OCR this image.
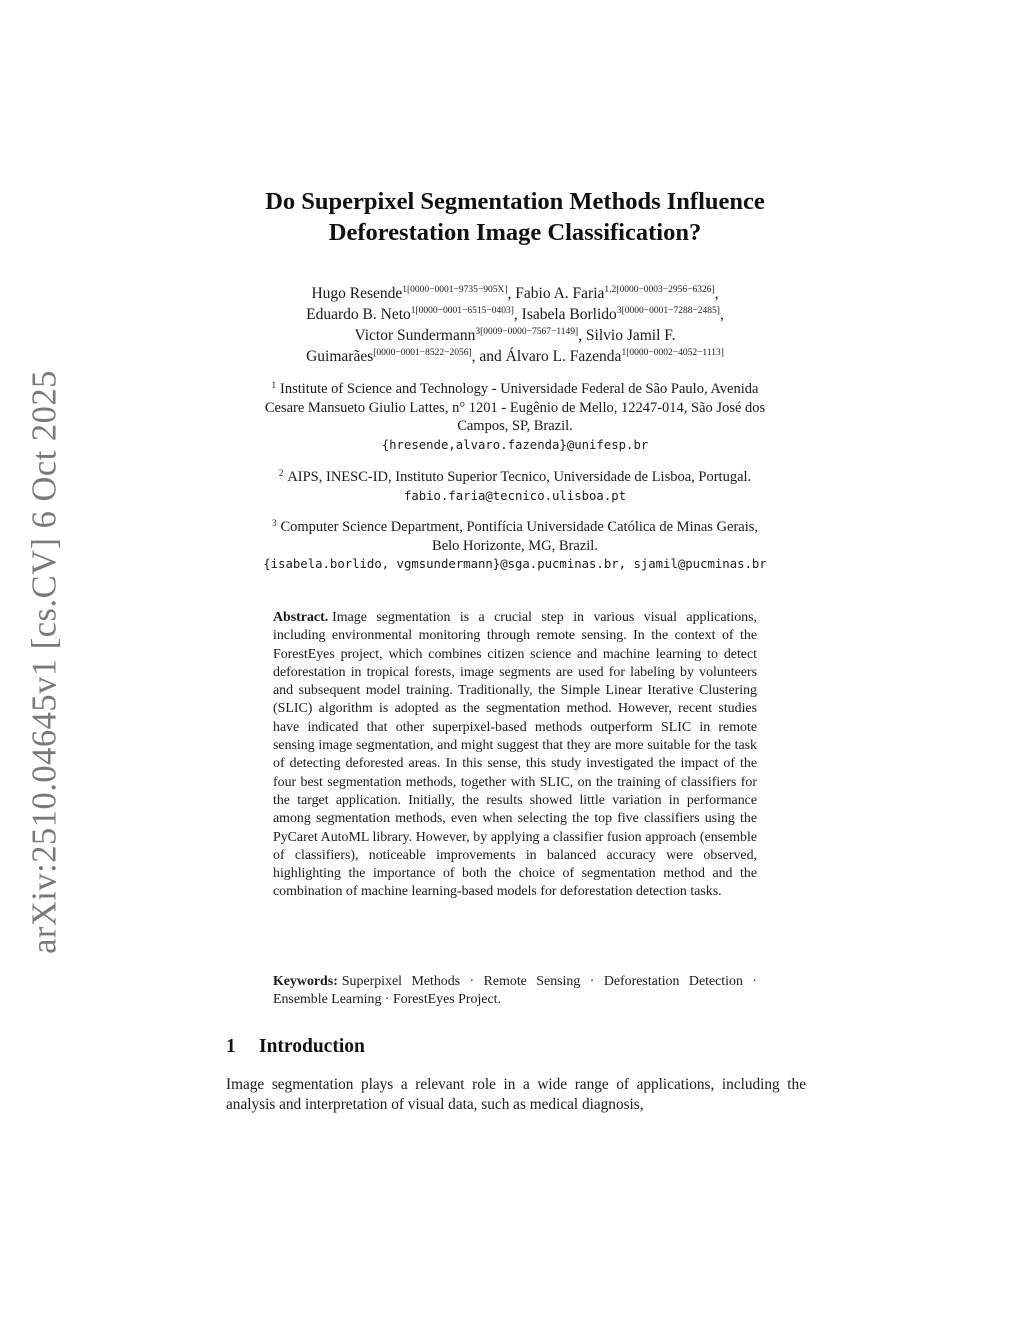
arXiv:2510.04645v1 [cs.CV] 6 Oct 2025
Do Superpixel Segmentation Methods Influence
Deforestation Image Classification?
Hugo Resende$^{1[0000-0001-9735-905X]}$, Fabio A. Faria$^{1,2[0000-0003-2956-6326]}$,
Eduardo B. Neto$^{1[0000-0001-6515-0403]}$, Isabela Borlido$^{3[0000-0001-7288-2485]}$,
Victor Sundermann$^{3[0009-0000-7567-1149]}$, Silvio Jamil F.
Guimarães[0000−0001−8522−2056], and Álvaro L. Fazenda$^{1[0000-0002-4052-1113]}$
$^1$ Institute of Science and Technology - Universidade Federal de São Paulo, Avenida
Cesare Mansueto Giulio Lattes, n° 1201 - Eugênio de Mello, 12247-014, São José dos
Campos, SP, Brazil.
{hresende,alvaro.fazenda}@unifesp.br
$^2$ AIPS, INESC-ID, Instituto Superior Tecnico, Universidade de Lisboa, Portugal.
fabio.faria@tecnico.ulisboa.pt
$^3$ Computer Science Department, Pontifícia Universidade Católica de Minas Gerais,
Belo Horizonte, MG, Brazil.
{isabela.borlido, vgmsundermann}@sga.pucminas.br, sjamil@pucminas.br
Abstract. Image segmentation is a crucial step in various visual applications, including environmental monitoring through remote sensing. In the context of the ForestEyes project, which combines citizen science and machine learning to detect deforestation in tropical forests, image segments are used for labeling by volunteers and subsequent model training. Traditionally, the Simple Linear Iterative Clustering (SLIC) algorithm is adopted as the segmentation method. However, recent studies have indicated that other superpixel-based methods outperform SLIC in remote sensing image segmentation, and might suggest that they are more suitable for the task of detecting deforested areas. In this sense, this study investigated the impact of the four best segmentation methods, together with SLIC, on the training of classifiers for the target application. Initially, the results showed little variation in performance among segmentation methods, even when selecting the top five classifiers using the PyCaret AutoML library. However, by applying a classifier fusion approach (ensemble of classifiers), noticeable improvements in balanced accuracy were observed, highlighting the importance of both the choice of segmentation method and the combination of machine learning-based models for deforestation detection tasks.
Keywords: Superpixel Methods · Remote Sensing · Deforestation Detection · Ensemble Learning · ForestEyes Project.
1 Introduction
Image segmentation plays a relevant role in a wide range of applications, including the analysis and interpretation of visual data, such as medical diagnosis,
